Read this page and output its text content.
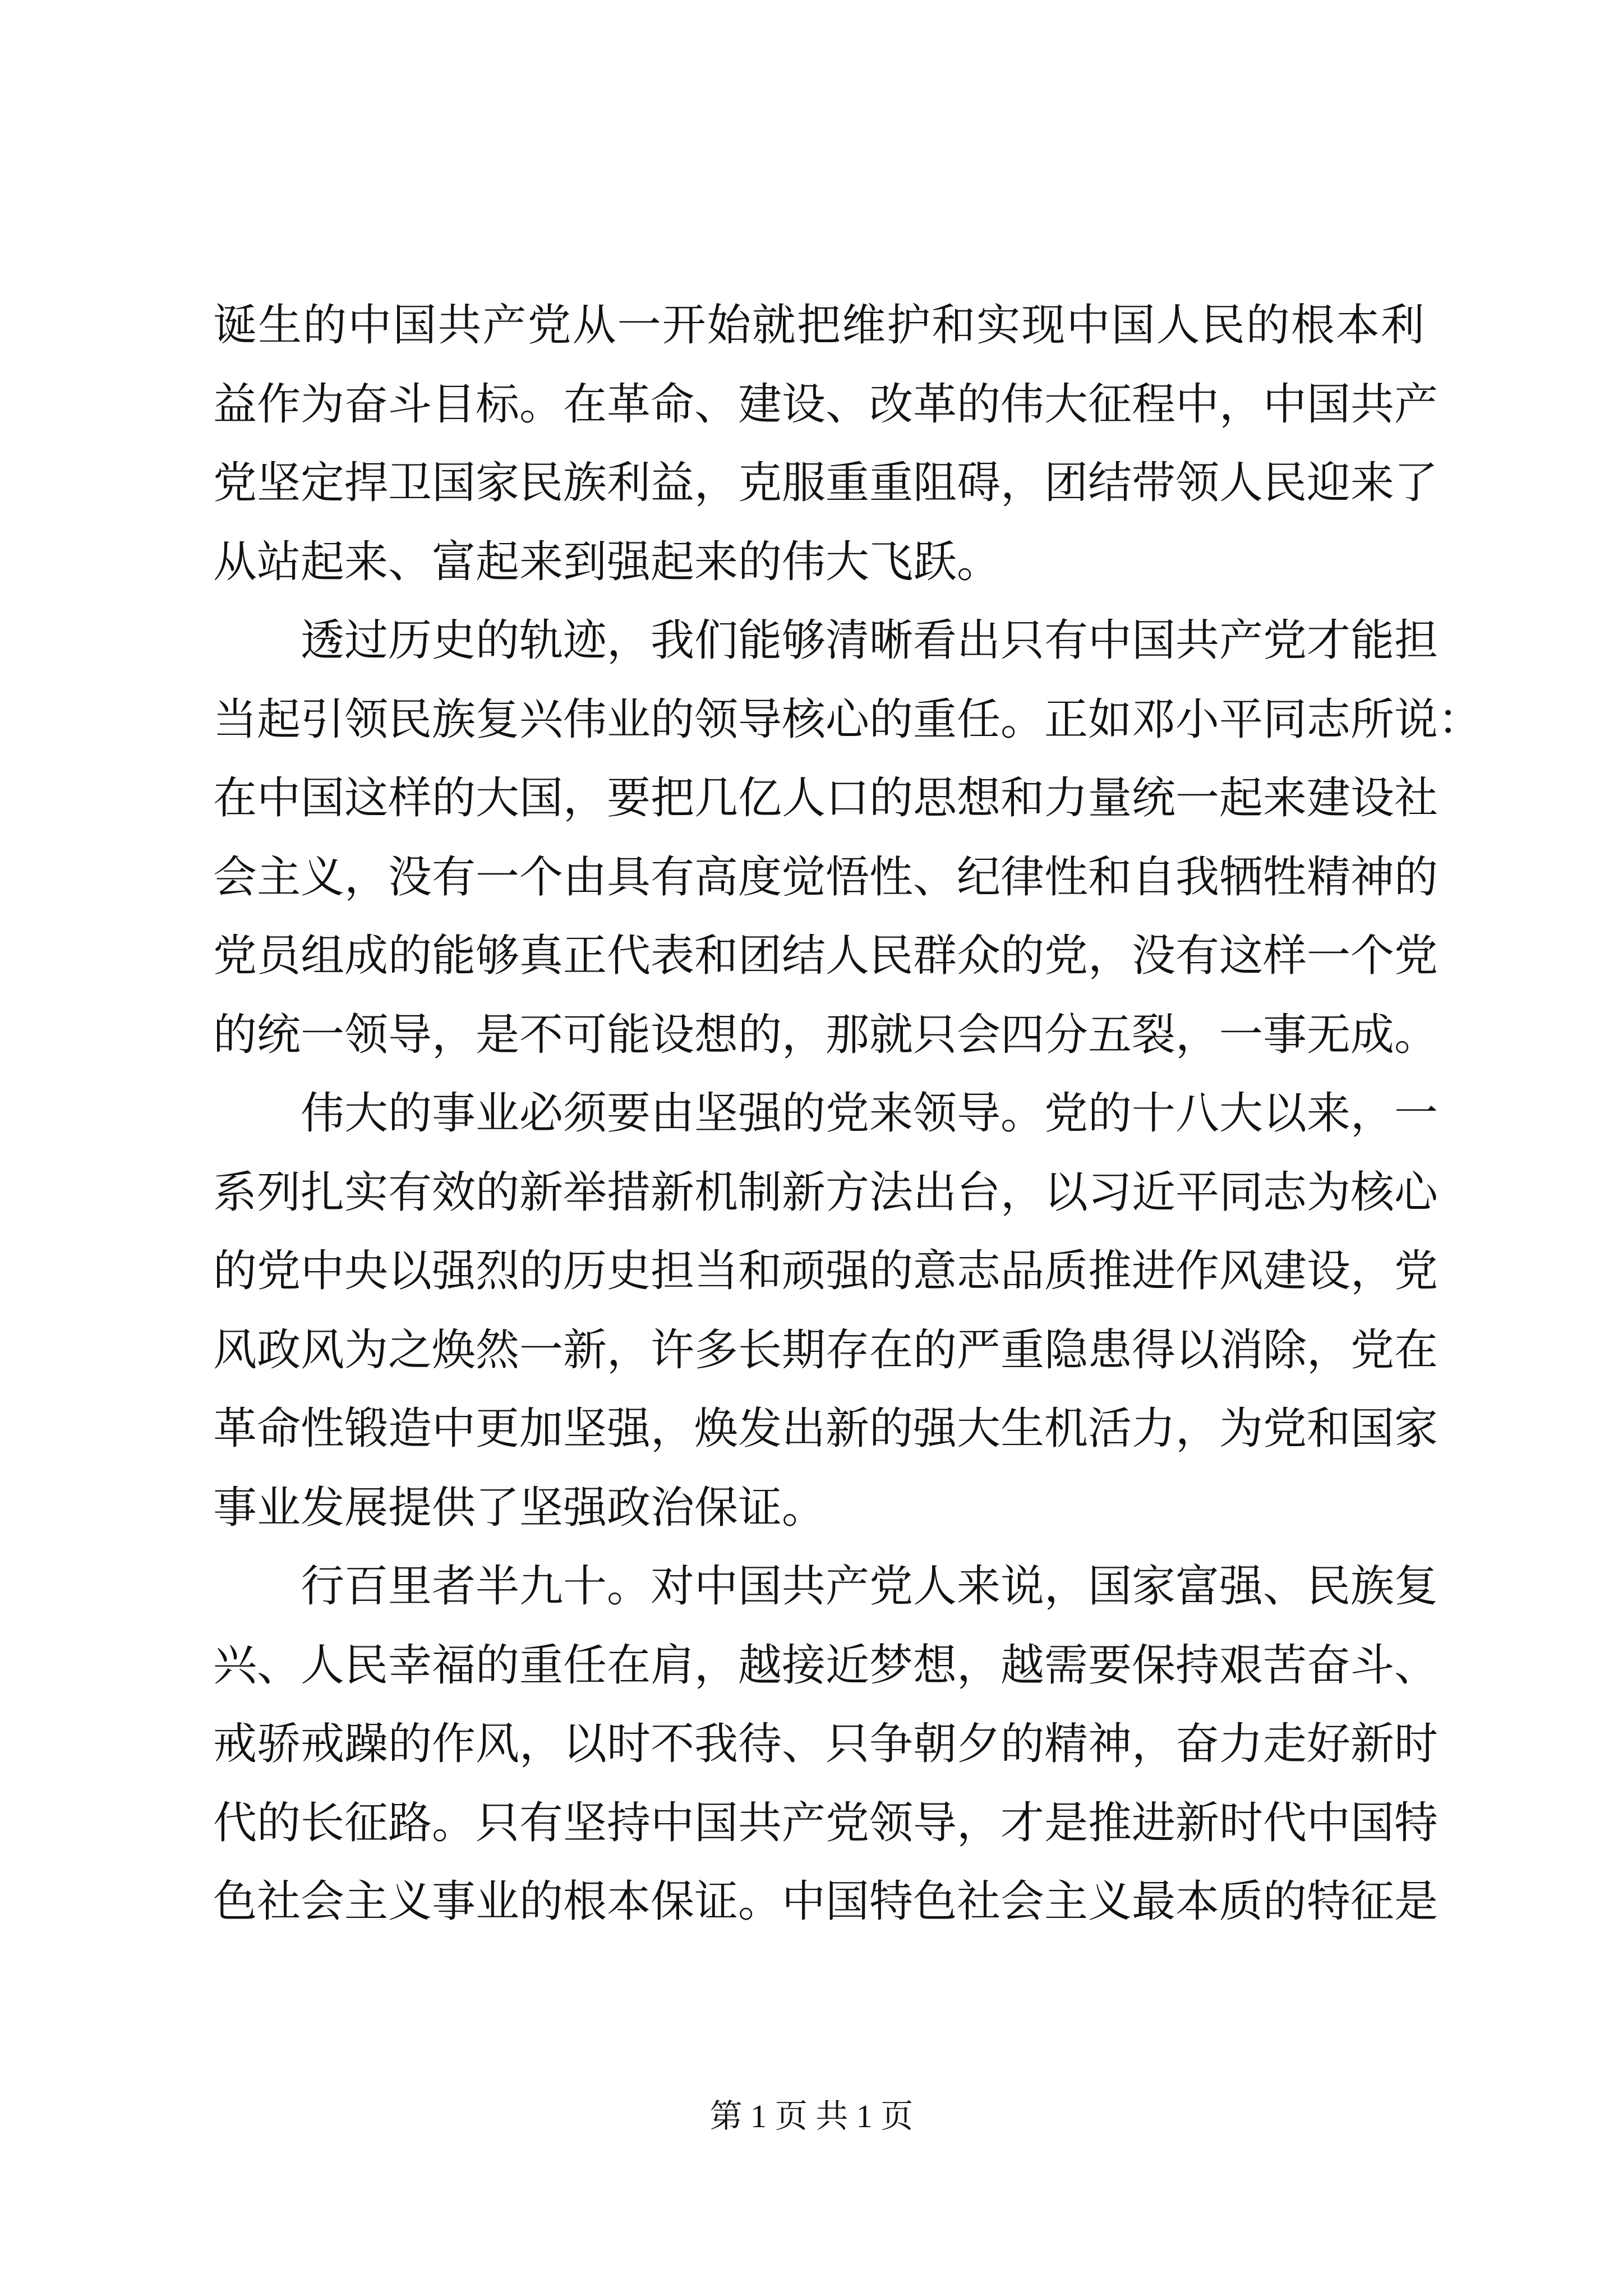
诞生的中国共产党从一开始就把维护和实现中国人民的根本利
益作为奋斗目标。在革命、建设、改革的伟大征程中，中国共产
党坚定捍卫国家民族利益，克服重重阻碍，团结带领人民迎来了
从站起来、富起来到强起来的伟大飞跃。
透过历史的轨迹，我们能够清晰看出只有中国共产党才能担
当起引领民族复兴伟业的领导核心的重任。正如邓小平同志所说：
在中国这样的大国，要把几亿人口的思想和力量统一起来建设社
会主义，没有一个由具有高度觉悟性、纪律性和自我牺牲精神的
党员组成的能够真正代表和团结人民群众的党，没有这样一个党
的统一领导，是不可能设想的，那就只会四分五裂，一事无成。
伟大的事业必须要由坚强的党来领导。党的十八大以来，一
系列扎实有效的新举措新机制新方法出台，以习近平同志为核心
的党中央以强烈的历史担当和顽强的意志品质推进作风建设，党
风政风为之焕然一新，许多长期存在的严重隐患得以消除，党在
革命性锻造中更加坚强，焕发出新的强大生机活力，为党和国家
事业发展提供了坚强政治保证。
行百里者半九十。对中国共产党人来说，国家富强、民族复
兴、人民幸福的重任在肩，越接近梦想，越需要保持艰苦奋斗、
戒骄戒躁的作风，以时不我待、只争朝夕的精神，奋力走好新时
代的长征路。只有坚持中国共产党领导，才是推进新时代中国特
色社会主义事业的根本保证。中国特色社会主义最本质的特征是
第 1 页 共 1 页
